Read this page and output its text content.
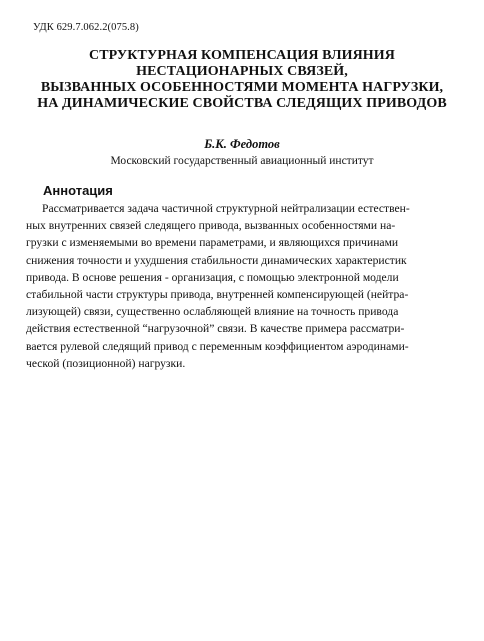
УДК 629.7.062.2(075.8)
СТРУКТУРНАЯ КОМПЕНСАЦИЯ ВЛИЯНИЯ
НЕСТАЦИОНАРНЫХ СВЯЗЕЙ,
ВЫЗВАННЫХ ОСОБЕННОСТЯМИ МОМЕНТА НАГРУЗКИ,
НА ДИНАМИЧЕСКИЕ СВОЙСТВА СЛЕДЯЩИХ ПРИВОДОВ
Б.К. Федотов
Московский государственный авиационный институт
Аннотация
Рассматривается задача частичной структурной нейтрализации естествен-
ных внутренних связей следящего привода, вызванных особенностями на-
грузки с изменяемыми во времени параметрами, и являющихся причинами
снижения точности и ухудшения стабильности динамических характеристик
привода. В основе решения - организация, с помощью электронной модели
стабильной части структуры привода, внутренней компенсирующей (нейтра-
лизующей) связи, существенно ослабляющей влияние на точность привода
действия естественной “нагрузочной” связи. В качестве примера рассматри-
вается рулевой следящий привод с переменным коэффициентом аэродинами-
ческой (позиционной) нагрузки.
